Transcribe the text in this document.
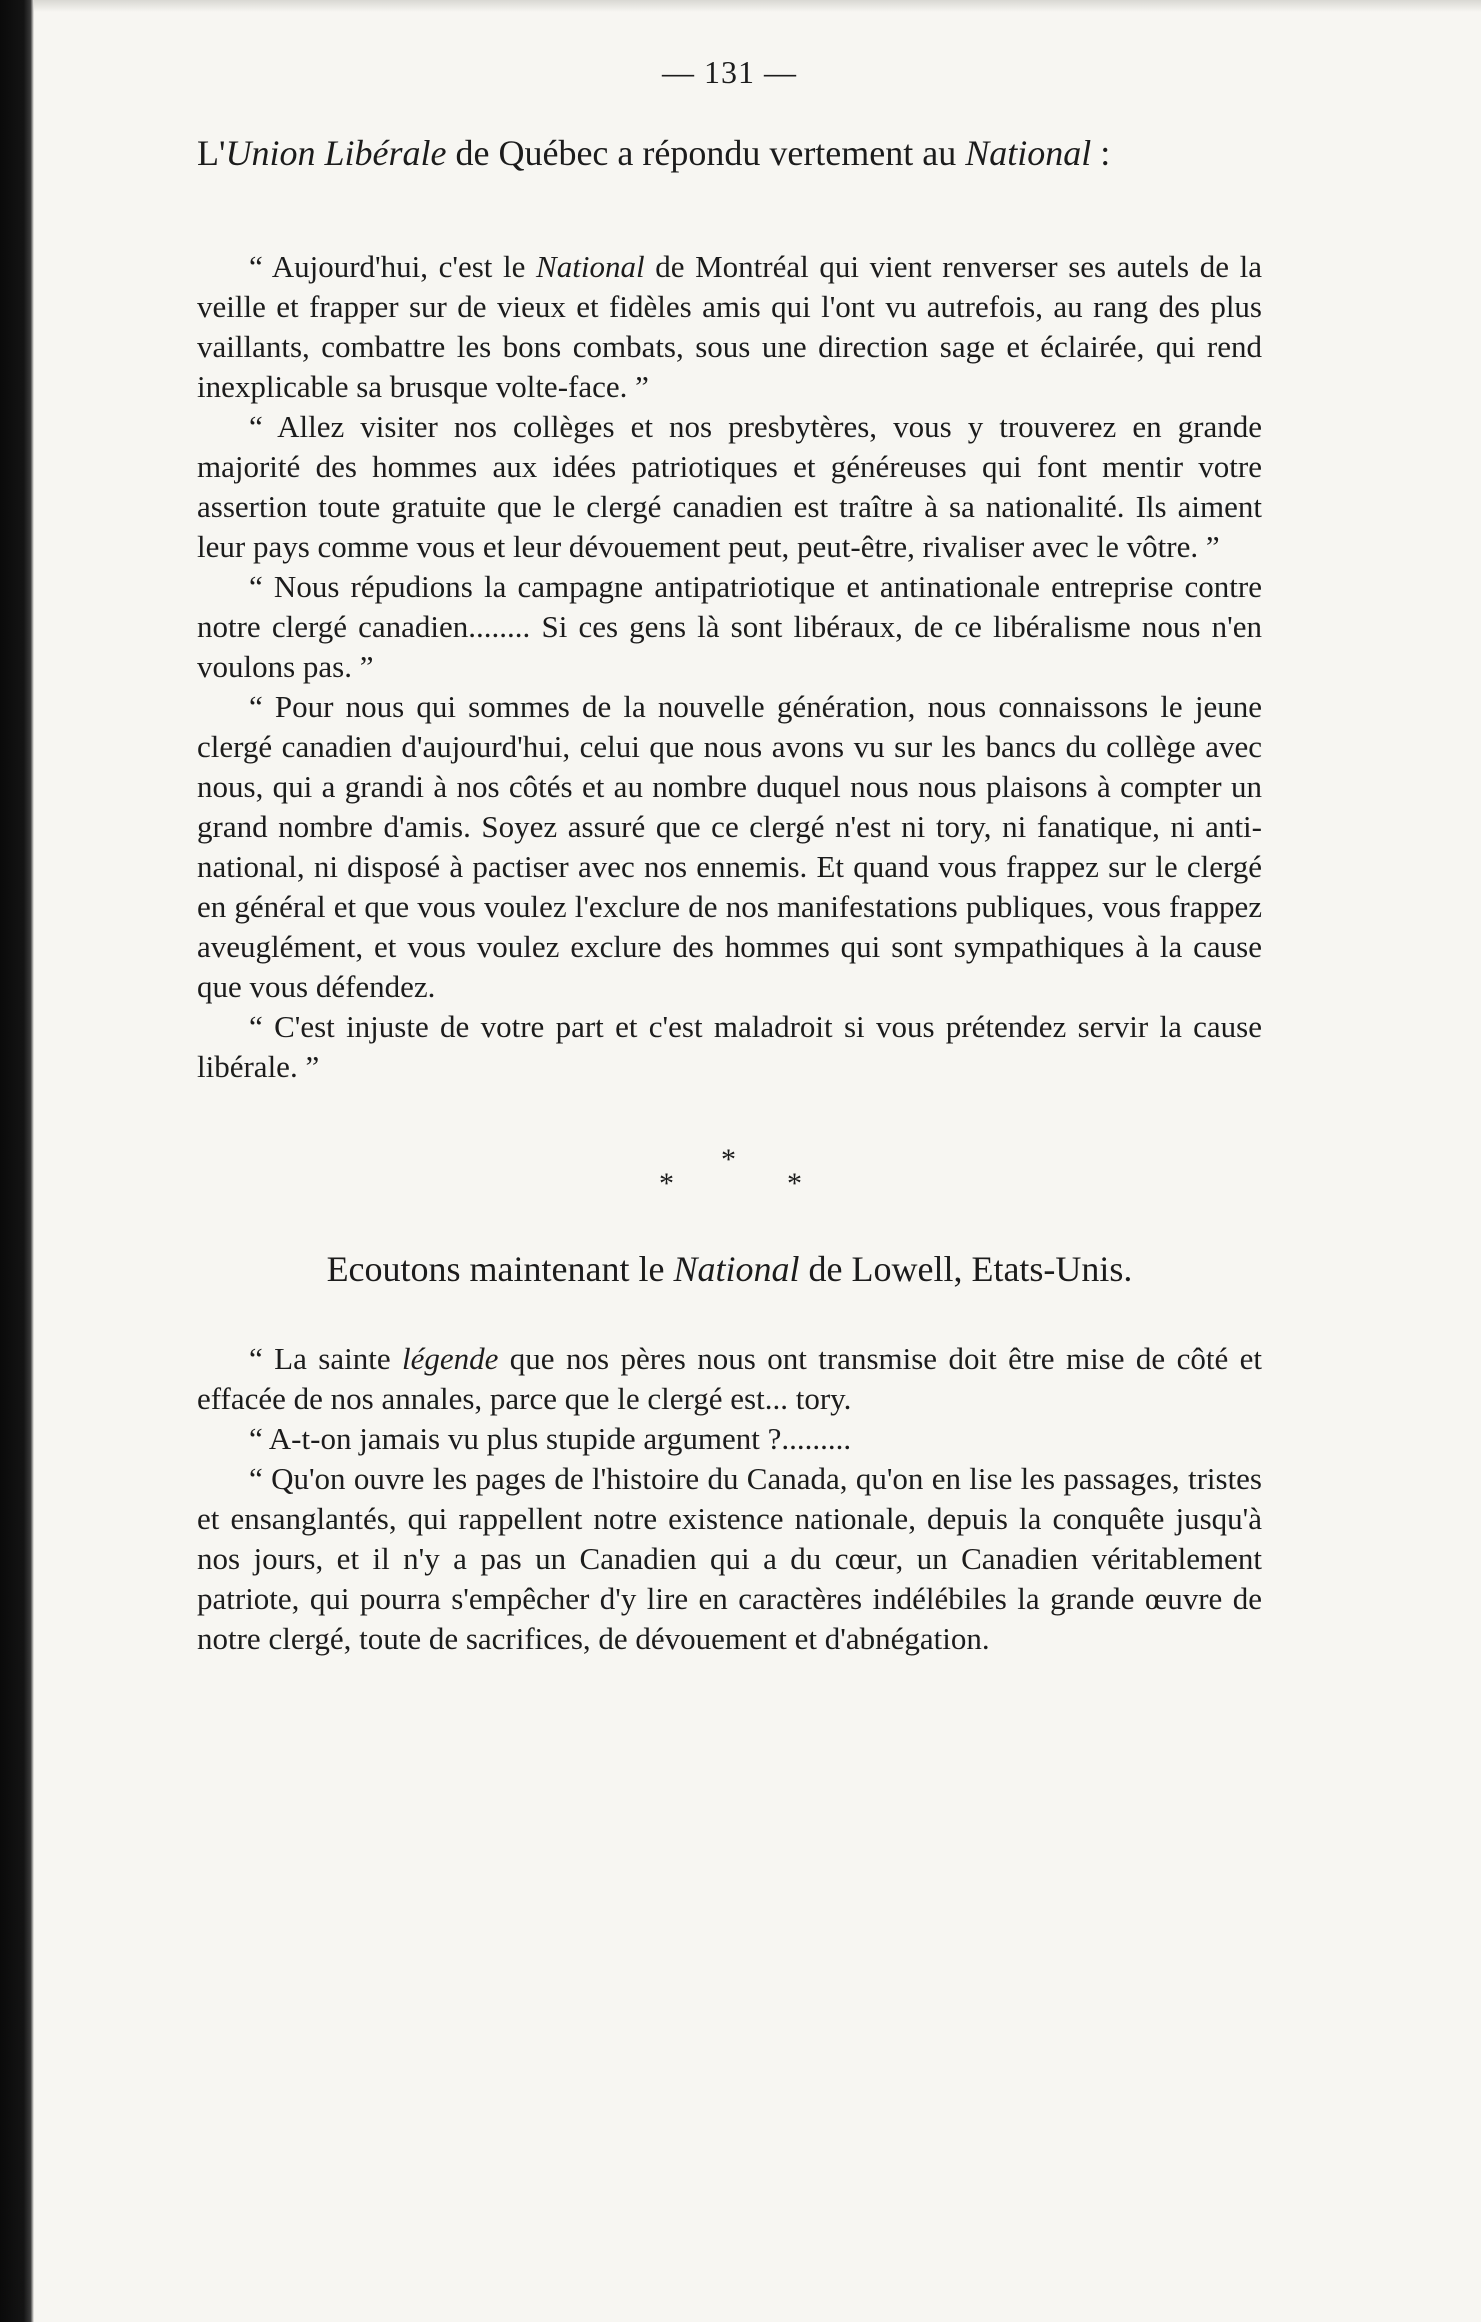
— 131 —

L'Union Libérale de Québec a répondu vertement au National :

“ Aujourd'hui, c'est le National de Montréal qui vient renverser ses autels de la veille et frapper sur de vieux et fidèles amis qui l'ont vu autrefois, au rang des plus vaillants, combattre les bons combats, sous une direction sage et éclairée, qui rend inexplicable sa brusque volte-face. ”

“ Allez visiter nos collèges et nos presbytères, vous y trouverez en grande majorité des hommes aux idées patriotiques et généreuses qui font mentir votre assertion toute gratuite que le clergé canadien est traître à sa nationalité. Ils aiment leur pays comme vous et leur dévouement peut, peut-être, rivaliser avec le vôtre. ”

“ Nous répudions la campagne antipatriotique et antinationale entreprise contre notre clergé canadien........ Si ces gens là sont libéraux, de ce libéralisme nous n'en voulons pas. ”

“ Pour nous qui sommes de la nouvelle génération, nous connaissons le jeune clergé canadien d'aujourd'hui, celui que nous avons vu sur les bancs du collège avec nous, qui a grandi à nos côtés et au nombre duquel nous nous plaisons à compter un grand nombre d'amis. Soyez assuré que ce clergé n'est ni tory, ni fanatique, ni anti-national, ni disposé à pactiser avec nos ennemis. Et quand vous frappez sur le clergé en général et que vous voulez l'exclure de nos manifestations publiques, vous frappez aveuglément, et vous voulez exclure des hommes qui sont sympathiques à la cause que vous défendez.

“ C'est injuste de votre part et c'est maladroit si vous prétendez servir la cause libérale. ”

*
*	*

Ecoutons maintenant le National de Lowell, Etats-Unis.

“ La sainte légende que nos pères nous ont transmise doit être mise de côté et effacée de nos annales, parce que le clergé est... tory.

“ A-t-on jamais vu plus stupide argument ?.........

“ Qu'on ouvre les pages de l'histoire du Canada, qu'on en lise les passages, tristes et ensanglantés, qui rappellent notre existence nationale, depuis la conquête jusqu'à nos jours, et il n'y a pas un Canadien qui a du cœur, un Canadien véritablement patriote, qui pourra s'empêcher d'y lire en caractères indélébiles la grande œuvre de notre clergé, toute de sacrifices, de dévouement et d'abnégation.
